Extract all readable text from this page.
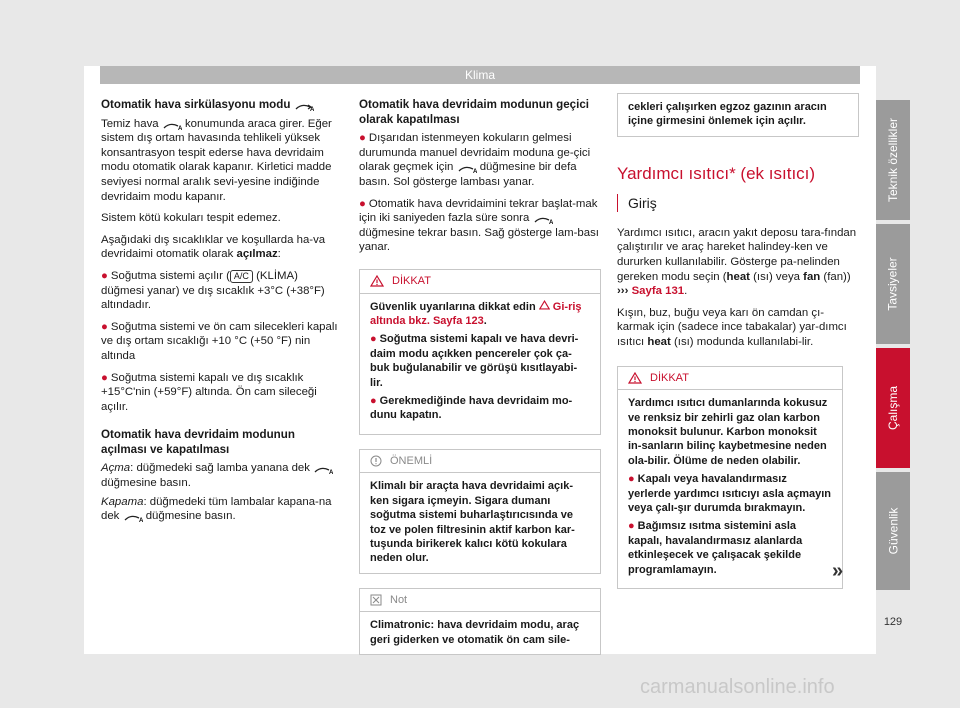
Klima
Otomatik hava sirkülasyonu modu	A

Temiz hava	A konumunda araca girer. Eğer sistem dış ortam havasında tehlikeli yüksek konsantrasyon tespit ederse hava devridaim modu otomatik olarak kapanır. Kirletici madde seviyesi normal aralık sevi-yesine indiğinde devridaim modu kapanır.

Sistem kötü kokuları tespit edemez.

Aşağıdaki dış sıcaklıklar ve koşullarda ha-va devridaimi otomatik olarak açılmaz:

● Soğutma sistemi açılır ( A/C (KLİMA) düğmesi yanar) ve dış sıcaklık +3°C (+38°F) altındadır.

● Soğutma sistemi ve ön cam silecekleri kapalı ve dış ortam sıcaklığı +10 °C (+50 °F) nin altında

● Soğutma sistemi kapalı ve dış sıcaklık +15°C'nin (+59°F) altında. Ön cam sileceği açılır.

Otomatik hava devridaim modunun açılması ve kapatılması

Açma: düğmedeki sağ lamba yanana dek	A
düğmesine basın.

Kapama: düğmedeki tüm lambalar kapana-na dek	A düğmesine basın.

Otomatik hava devridaim modunun geçici olarak kapatılması

● Dışarıdan istenmeyen kokuların gelmesi durumunda manuel devridaim moduna ge-çici olarak geçmek için	A düğmesine bir defa basın. Sol gösterge lambası yanar.

● Otomatik hava devridaimini tekrar başlat-mak için iki saniyeden fazla süre sonra	A
düğmesine tekrar basın. Sağ gösterge lam-bası yanar.

DİKKAT

Güvenlik uyarılarına dikkat edin Gi-riş altında bkz. Sayfa 123.

● Soğutma sistemi kapalı ve hava devri-daim modu açıkken pencereler çok ça-buk buğulanabilir ve görüşü kısıtlayabi-lir.

● Gerekmediğinde hava devridaim mo-dunu kapatın.

ÖNEMLİ
Klimalı bir araçta hava devridaimi açık-ken sigara içmeyin. Sigara dumanı soğutma sistemi buharlaştırıcısında ve toz ve polen filtresinin aktif karbon kar-tuşunda birikerek kalıcı kötü kokulara neden olur.
Not
Climatronic: hava devridaim modu, araç geri giderken ve otomatik ön cam sile-
cekleri çalışırken egzoz gazının aracın içine girmesini önlemek için açılır.
Yardımcı ısıtıcı* (ek ısıtıcı)
Giriş

Yardımcı ısıtıcı, aracın yakıt deposu tara-fından çalıştırılır ve araç hareket halindey-ken ve dururken kullanılabilir. Gösterge pa-nelinden gereken modu seçin (heat (ısı) veya fan (fan)) ››› Sayfa 131.

Kışın, buz, buğu veya karı ön camdan çı-karmak için (sadece ince tabakalar) yar-dımcı ısıtıcı heat (ısı) modunda kullanılabi-lir.

DİKKAT

Yardımcı ısıtıcı dumanlarında kokusuz ve renksiz bir zehirli gaz olan karbon monoksit bulunur. Karbon monoksit in-sanların bilinç kaybetmesine neden ola-bilir. Ölüme de neden olabilir.

● Kapalı veya havalandırmasız yerlerde yardımcı ısıtıcıyı asla açmayın veya çalı-şır durumda bırakmayın.

● Bağımsız ısıtma sistemini asla kapalı, havalandırmasız alanlarda etkinleşecek ve çalışacak şekilde programlamayın.	»
Teknik özellikler
Tavsiyeler
Çalışma
Güvenlik
129
carmanualsonline.info
